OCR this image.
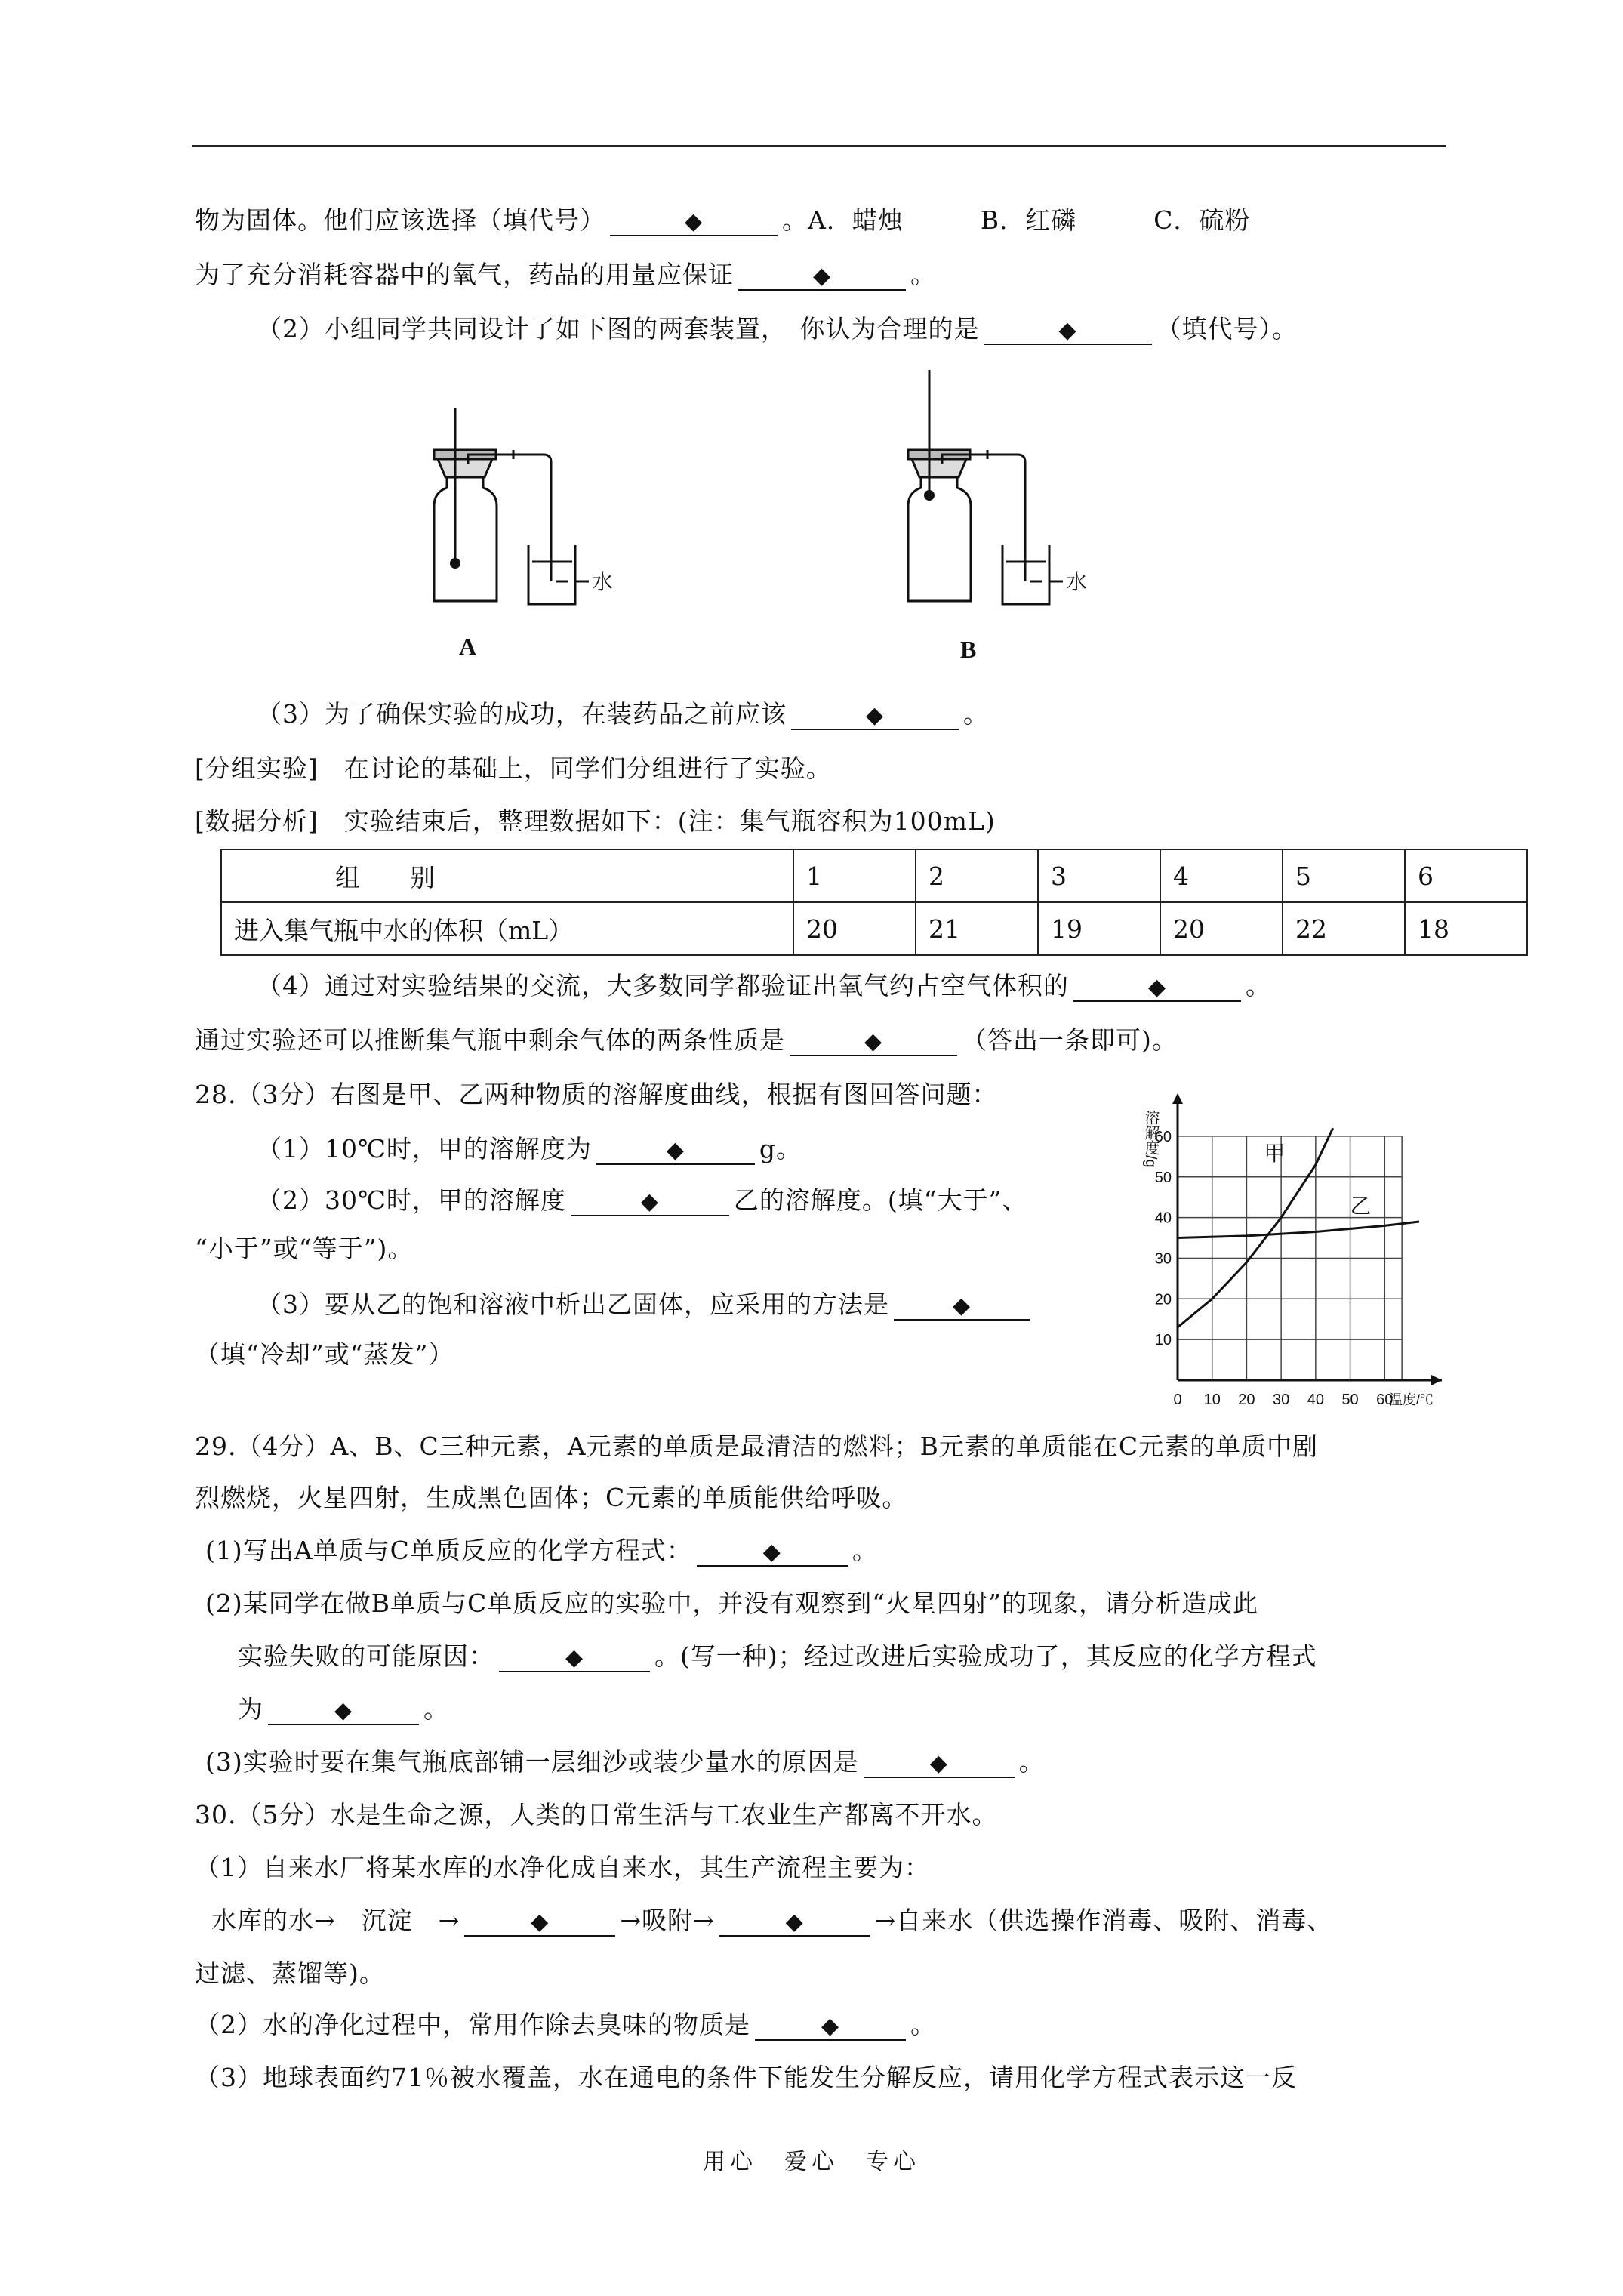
物为固体。他们应该选择（填代号）	◆	。A．蜡烛　　　B．红磷　　　C．硫粉
为了充分消耗容器中的氧气，药品的用量应保证	◆	。
（2）小组同学共同设计了如下图的两套装置，　你认为合理的是	◆	（填代号）。
水
A
水
B
（3）为了确保实验的成功，在装药品之前应该	◆	。
[分组实验]　在讨论的基础上，同学们分组进行了实验。
[数据分析]　实验结束后，整理数据如下：(注：集气瓶容积为100mL)
组　　别	1	2	3	4	5	6
进入集气瓶中水的体积（mL）	20	21	19	20	22	18
（4）通过对实验结果的交流，大多数同学都验证出氧气约占空气体积的	◆	。
通过实验还可以推断集气瓶中剩余气体的两条性质是	◆	（答出一条即可)。
28.（3分）右图是甲、乙两种物质的溶解度曲线，根据有图回答问题：
（1）10℃时，甲的溶解度为	◆	g。
（2）30℃时，甲的溶解度	◆	乙的溶解度。(填“大于”、
“小于”或“等于”)。
（3）要从乙的饱和溶液中析出乙固体，应采用的方法是	◆
（填“冷却”或“蒸发”）
0 10 20 30 40 50 60
10
20
30
40
50
60
甲
乙
溶解度/g
温度/℃
29.（4分）A、B、C三种元素，A元素的单质是最清洁的燃料；B元素的单质能在C元素的单质中剧
烈燃烧，火星四射，生成黑色固体；C元素的单质能供给呼吸。
(1)写出A单质与C单质反应的化学方程式：	◆	。
(2)某同学在做B单质与C单质反应的实验中，并没有观察到“火星四射”的现象，请分析造成此
实验失败的可能原因：	◆	。(写一种)；经过改进后实验成功了，其反应的化学方程式
为	◆	。
(3)实验时要在集气瓶底部铺一层细沙或装少量水的原因是	◆	。
30.（5分）水是生命之源，人类的日常生活与工农业生产都离不开水。
（1）自来水厂将某水库的水净化成自来水，其生产流程主要为：
水库的水→　沉淀　→	◆	→吸附→	◆	→自来水（供选操作消毒、吸附、消毒、
过滤、蒸馏等)。
（2）水的净化过程中，常用作除去臭味的物质是	◆	。
（3）地球表面约71％被水覆盖，水在通电的条件下能发生分解反应，请用化学方程式表示这一反
用心　爱心　专心
